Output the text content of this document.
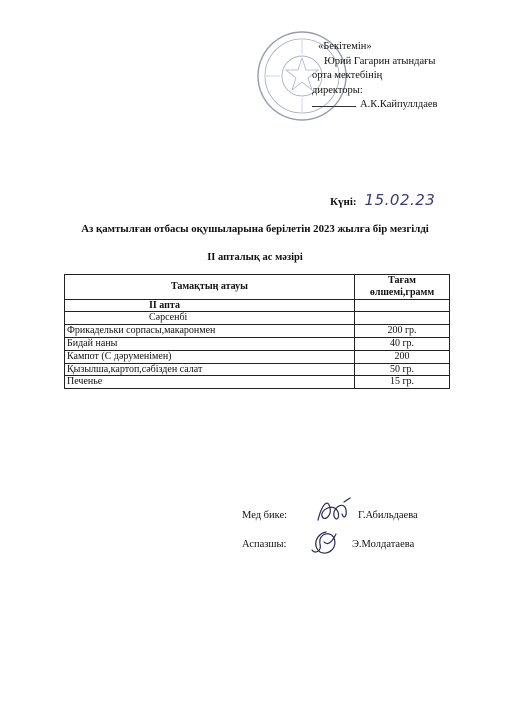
«Бекітемін»
Юрий Гагарин атындағы
орта мектебінің
директоры:
А.К.Кайпуллдаев
Күні: 15.02.23
Аз қамтылған отбасы оқушыларына берілетін 2023 жылға бір мезгілді
ІІ апталық ас мәзірі
Тамақтың атауы	Тағам өлшемі,грамм
ІІ апта	
Сәрсенбі	
Фрикадельки сорпасы,макаронмен	200 гр.
Бидай наны	40 гр.
Кампот (С дәруменімен)	200
Қызылша,картоп,сәбізден салат	50 гр.
Печенье	15 гр.
Мед бике:	Г.Абильдаева
Аспазшы:	Э.Молдатаева
